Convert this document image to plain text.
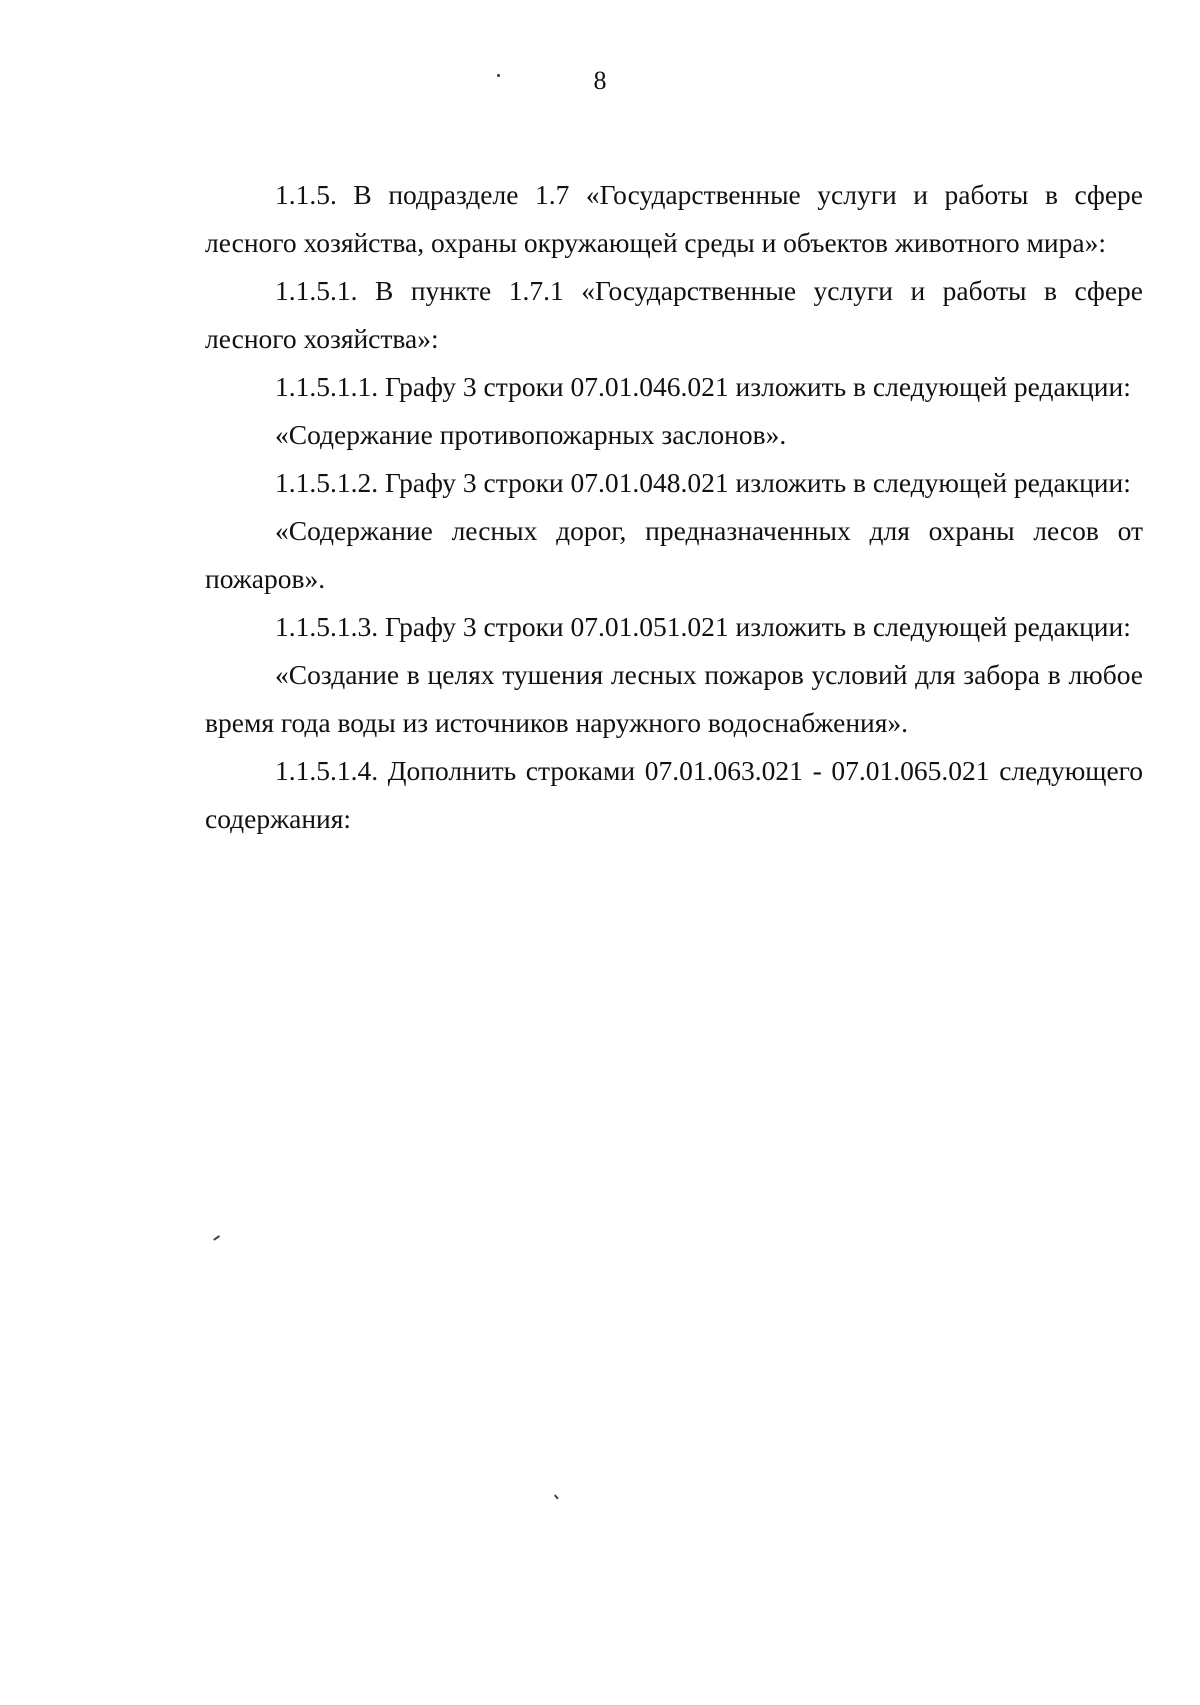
8

1.1.5. В подразделе 1.7 «Государственные услуги и работы в сфере лесного хозяйства, охраны окружающей среды и объектов животного мира»:

1.1.5.1. В пункте 1.7.1 «Государственные услуги и работы в сфере лесного хозяйства»:

1.1.5.1.1. Графу 3 строки 07.01.046.021 изложить в следующей редакции:

«Содержание противопожарных заслонов».

1.1.5.1.2. Графу 3 строки 07.01.048.021 изложить в следующей редакции:

«Содержание лесных дорог, предназначенных для охраны лесов от пожаров».

1.1.5.1.3. Графу 3 строки 07.01.051.021 изложить в следующей редакции:

«Создание в целях тушения лесных пожаров условий для забора в любое время года воды из источников наружного водоснабжения».

1.1.5.1.4. Дополнить строками 07.01.063.021 - 07.01.065.021 следующего содержания:
